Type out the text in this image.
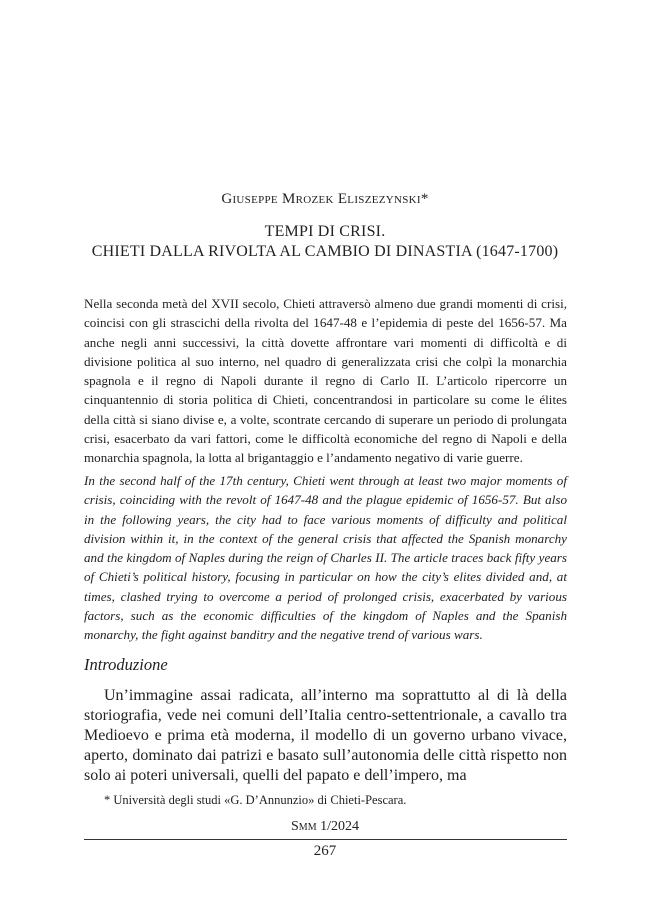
Giuseppe Mrozek Eliszezynski*
TEMPI DI CRISI.
CHIETI DALLA RIVOLTA AL CAMBIO DI DINASTIA (1647-1700)

Nella seconda metà del XVII secolo, Chieti attraversò almeno due grandi momenti di crisi, coincisi con gli strascichi della rivolta del 1647-48 e l’epidemia di peste del 1656-57. Ma anche negli anni successivi, la città dovette affrontare vari momenti di difficoltà e di divisione politica al suo interno, nel quadro di generalizzata crisi che colpì la monarchia spagnola e il regno di Napoli durante il regno di Carlo II. L’articolo ripercorre un cinquantennio di storia politica di Chieti, concentrandosi in particolare su come le élites della città si siano divise e, a volte, scontrate cercando di superare un periodo di prolungata crisi, esacerbato da vari fattori, come le difficoltà economiche del regno di Napoli e della monarchia spagnola, la lotta al brigantaggio e l’andamento negativo di varie guerre.

In the second half of the 17th century, Chieti went through at least two major moments of crisis, coinciding with the revolt of 1647-48 and the plague epidemic of 1656-57. But also in the following years, the city had to face various moments of difficulty and political division within it, in the context of the general crisis that affected the Spanish monarchy and the kingdom of Naples during the reign of Charles II. The article traces back fifty years of Chieti’s political history, focusing in particular on how the city’s elites divided and, at times, clashed trying to overcome a period of prolonged crisis, exacerbated by various factors, such as the economic difficulties of the kingdom of Naples and the Spanish monarchy, the fight against banditry and the negative trend of various wars.

Introduzione

Un’immagine assai radicata, all’interno ma soprattutto al di là della storiografia, vede nei comuni dell’Italia centro-settentrionale, a cavallo tra Medioevo e prima età moderna, il modello di un governo urbano vivace, aperto, dominato dai patrizi e basato sull’autonomia delle città rispetto non solo ai poteri universali, quelli del papato e dell’impero, ma

* Università degli studi «G. D’Annunzio» di Chieti-Pescara.
Smm 1/2024
267
